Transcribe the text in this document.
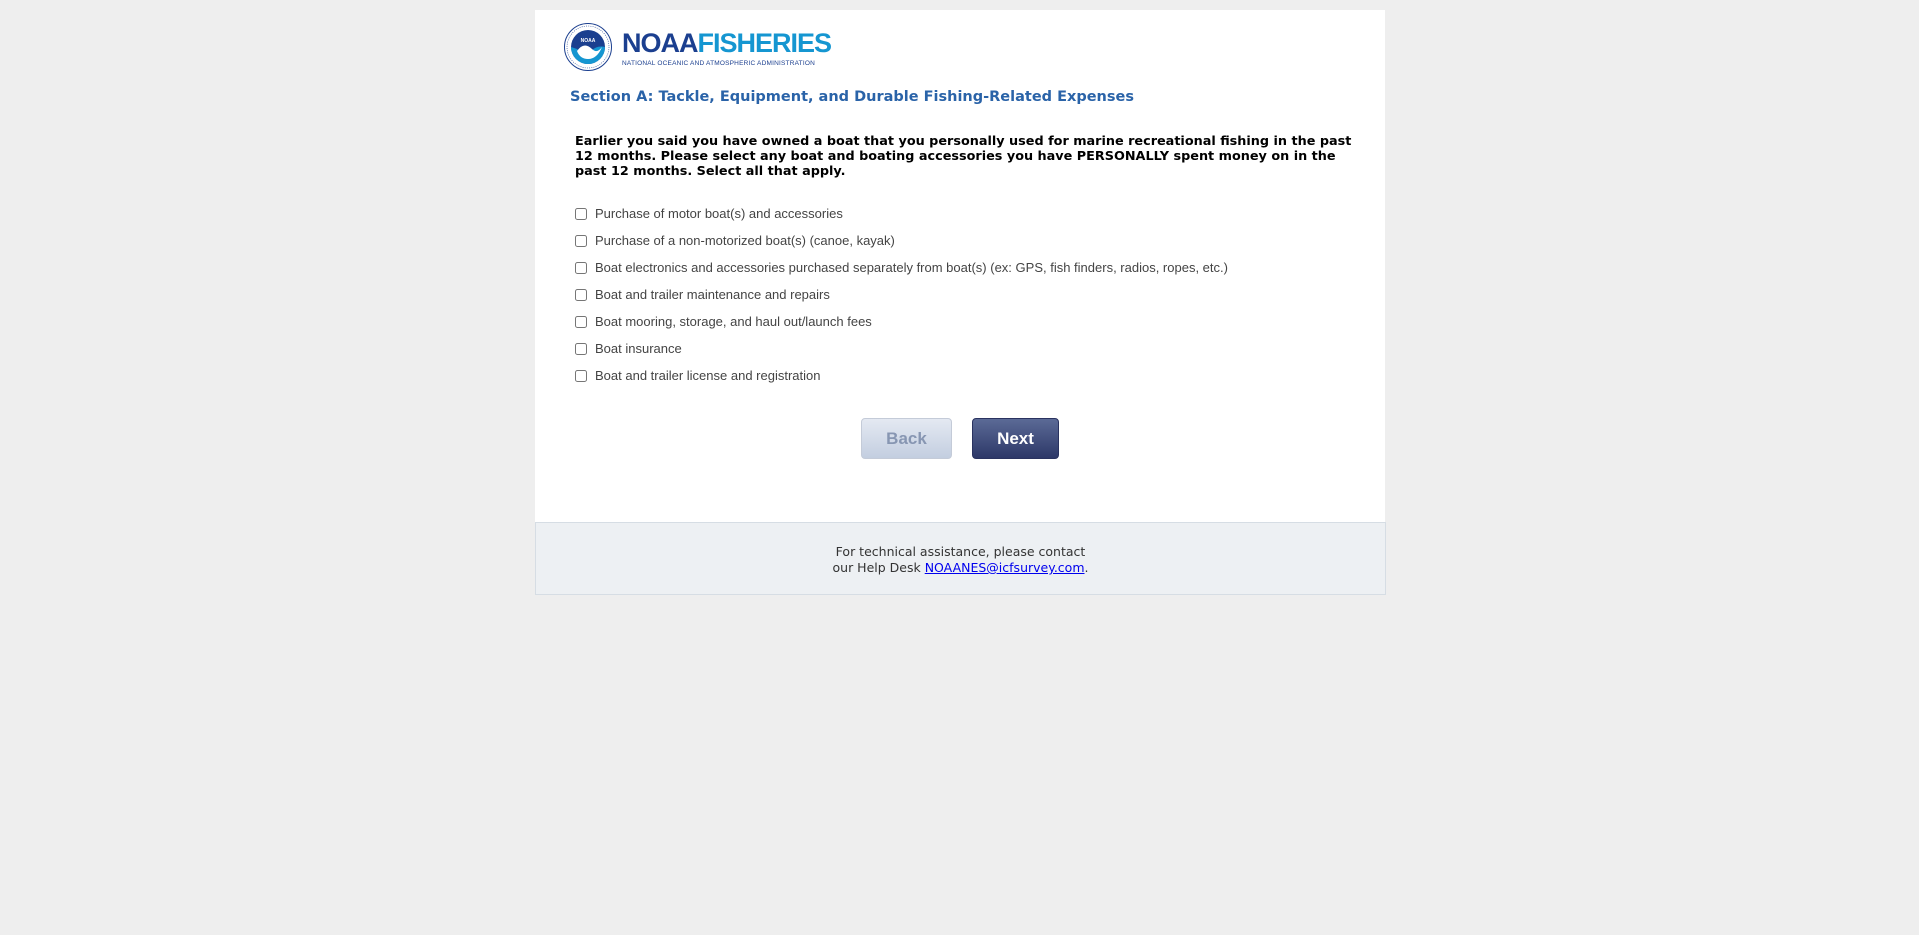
NOAA NOAAFISHERIES
NATIONAL OCEANIC AND ATMOSPHERIC ADMINISTRATION
Section A: Tackle, Equipment, and Durable Fishing-Related Expenses

Earlier you said you have owned a boat that you personally used for marine recreational fishing in the past 12 months. Please select any boat and boating accessories you have PERSONALLY spent money on in the past 12 months. Select all that apply.

Purchase of motor boat(s) and accessories
Purchase of a non-motorized boat(s) (canoe, kayak)
Boat electronics and accessories purchased separately from boat(s) (ex: GPS, fish finders, radios, ropes, etc.)
Boat and trailer maintenance and repairs
Boat mooring, storage, and haul out/launch fees
Boat insurance
Boat and trailer license and registration
Back	Next
For technical assistance, please contact
our Help Desk NOAANES@icfsurvey.com.
